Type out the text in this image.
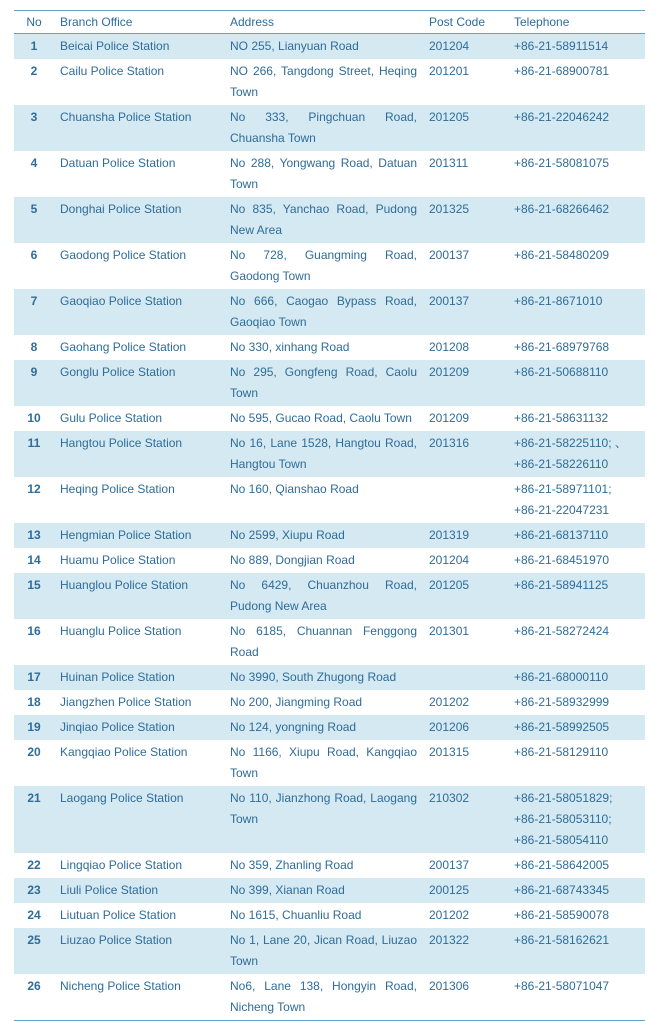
No	Branch Office	Address	Post Code	Telephone
1	Beicai Police Station	NO 255, Lianyuan Road	201204	+86-21-58911514

2	Cailu Police Station	NO 266, Tangdong Street, Heqing Town	201201	+86-21-68900781

3	Chuansha Police Station	No 333, Pingchuan Road, Chuansha Town	201205	+86-21-22046242

4	Datuan Police Station	No 288, Yongwang Road, Datuan Town	201311	+86-21-58081075

5	Donghai Police Station	No 835, Yanchao Road, Pudong New Area	201325	+86-21-68266462

6	Gaodong Police Station	No 728, Guangming Road, Gaodong Town	200137	+86-21-58480209

7	Gaoqiao Police Station	No 666, Caogao Bypass Road, Gaoqiao Town	200137	+86-21-8671010

8	Gaohang Police Station	No 330, xinhang Road	201208	+86-21-68979768

9	Gonglu Police Station	No 295, Gongfeng Road, Caolu Town	201209	+86-21-50688110

10	Gulu Police Station	No 595, Gucao Road, Caolu Town	201209	+86-21-58631132

11	Hangtou Police Station	No 16, Lane 1528, Hangtou Road, Hangtou Town	201316	+86-21-58225110; 、
+86-21-58226110

12	Heqing Police Station	No 160, Qianshao Road		+86-21-58971101;
+86-21-22047231

13	Hengmian Police Station	No 2599, Xiupu Road	201319	+86-21-68137110

14	Huamu Police Station	No 889, Dongjian Road	201204	+86-21-68451970

15	Huanglou Police Station	No 6429, Chuanzhou Road, Pudong New Area	201205	+86-21-58941125

16	Huanglu Police Station	No 6185, Chuannan Fenggong Road	201301	+86-21-58272424

17	Huinan Police Station	No 3990, South Zhugong Road		+86-21-68000110

18	Jiangzhen Police Station	No 200, Jiangming Road	201202	+86-21-58932999

19	Jinqiao Police Station	No 124, yongning Road	201206	+86-21-58992505

20	Kangqiao Police Station	No 1166, Xiupu Road, Kangqiao Town	201315	+86-21-58129110

21	Laogang Police Station	No 110, Jianzhong Road, Laogang Town	210302	+86-21-58051829;
+86-21-58053110;
+86-21-58054110

22	Lingqiao Police Station	No 359, Zhanling Road	200137	+86-21-58642005

23	Liuli Police Station	No 399, Xianan Road	200125	+86-21-68743345

24	Liutuan Police Station	No 1615, Chuanliu Road	201202	+86-21-58590078

25	Liuzao Police Station	No 1, Lane 20, Jican Road, Liuzao Town	201322	+86-21-58162621

26	Nicheng Police Station	No6, Lane 138, Hongyin Road, Nicheng Town	201306	+86-21-58071047
